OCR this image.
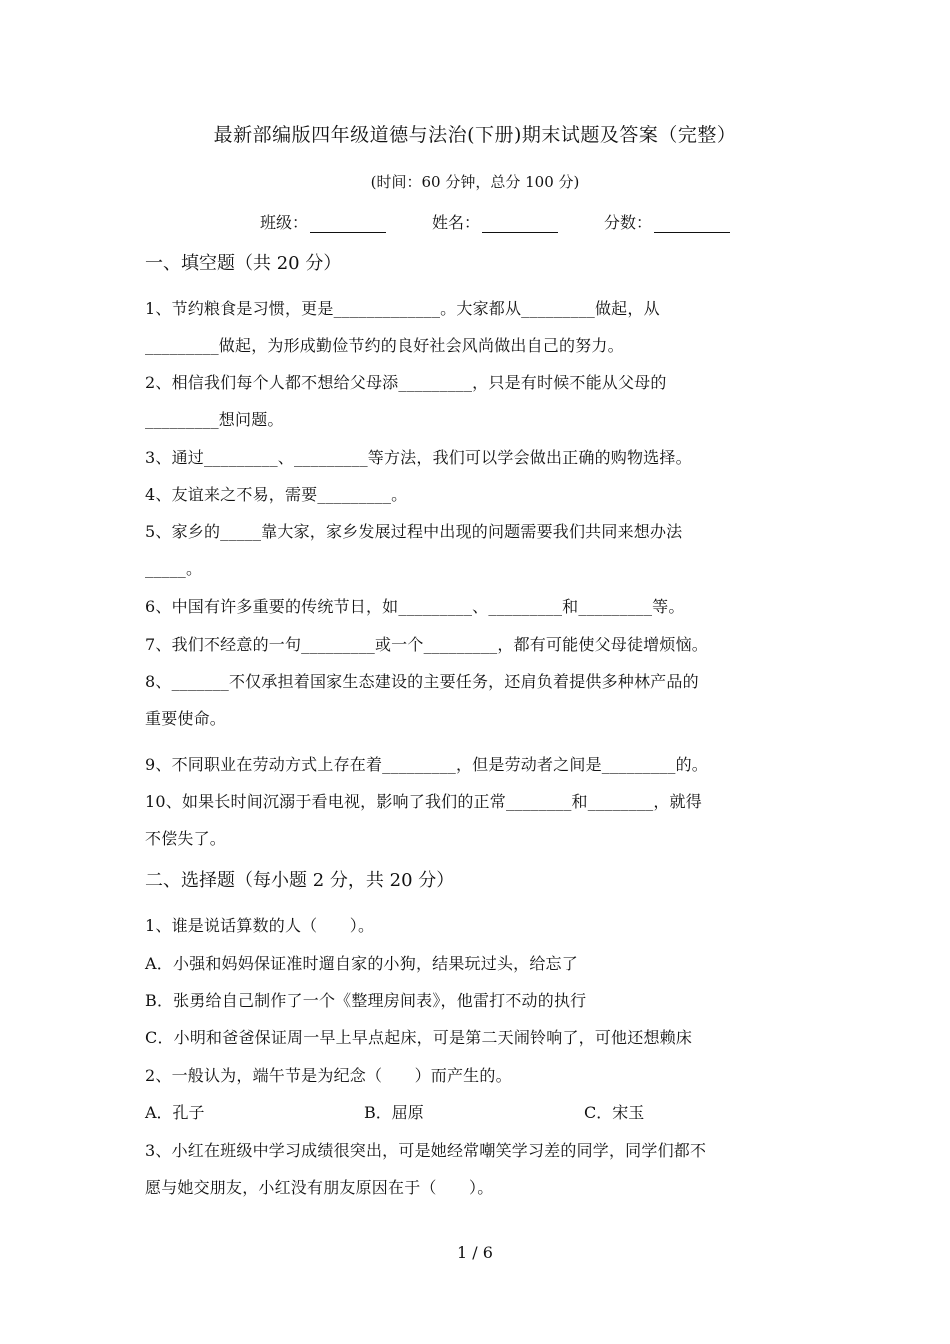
最新部编版四年级道德与法治(下册)期末试题及答案（完整）
(时间：60 分钟，总分 100 分)
班级：	姓名：	分数：
一、填空题（共 20 分）
1、节约粮食是习惯，更是_____________。大家都从_________做起，从
_________做起，为形成勤俭节约的良好社会风尚做出自己的努力。
2、相信我们每个人都不想给父母添_________，只是有时候不能从父母的
_________想问题。
3、通过_________、_________等方法，我们可以学会做出正确的购物选择。
4、友谊来之不易，需要_________。
5、家乡的_____靠大家，家乡发展过程中出现的问题需要我们共同来想办法
_____。
6、中国有许多重要的传统节日，如_________、_________和_________等。
7、我们不经意的一句_________或一个_________，都有可能使父母徒增烦恼。
8、_______不仅承担着国家生态建设的主要任务，还肩负着提供多种林产品的
重要使命。
9、不同职业在劳动方式上存在着_________，但是劳动者之间是_________的。
10、如果长时间沉溺于看电视，影响了我们的正常________和________，就得
不偿失了。
二、选择题（每小题 2 分，共 20 分）
1、谁是说话算数的人（　　）。
A．小强和妈妈保证准时遛自家的小狗，结果玩过头，给忘了
B．张勇给自己制作了一个《整理房间表》，他雷打不动的执行
C．小明和爸爸保证周一早上早点起床，可是第二天闹铃响了，可他还想赖床
2、一般认为，端午节是为纪念（　　）而产生的。
A．孔子	B．屈原	C．宋玉
3、小红在班级中学习成绩很突出，可是她经常嘲笑学习差的同学，同学们都不
愿与她交朋友，小红没有朋友原因在于（　　）。
1 / 6
